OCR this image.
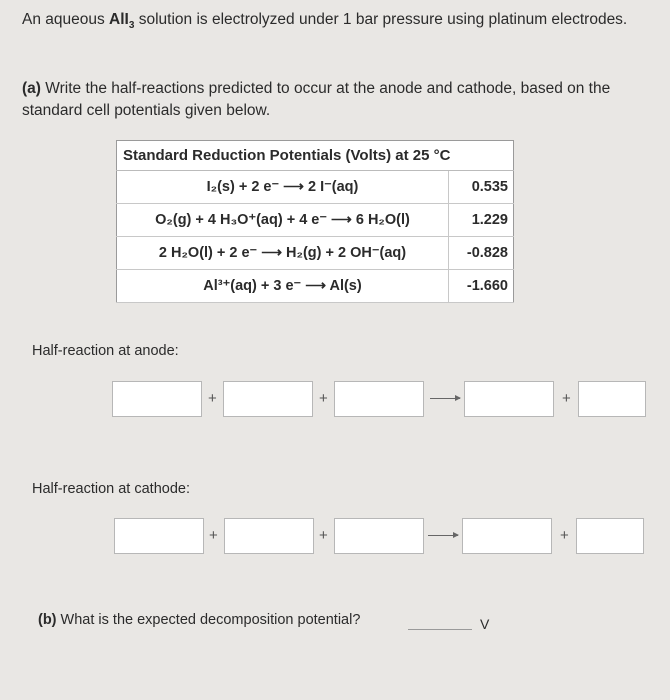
An aqueous AlI$_3$ solution is electrolyzed under 1 bar pressure using platinum electrodes.
(a) Write the half-reactions predicted to occur at the anode and cathode, based on the standard cell potentials given below.
Standard Reduction Potentials (Volts) at 25 °C	
I₂(s) + 2 e⁻ ⟶ 2 I⁻(aq)	0.535
O₂(g) + 4 H₃O⁺(aq) + 4 e⁻ ⟶ 6 H₂O(l)	1.229
2 H₂O(l) + 2 e⁻ ⟶ H₂(g) + 2 OH⁻(aq)	-0.828
Al³⁺(aq) + 3 e⁻ ⟶ Al(s)	-1.660
Half-reaction at anode:
+	+	+
Half-reaction at cathode:
+	+	+
(b) What is the expected decomposition potential?	V
